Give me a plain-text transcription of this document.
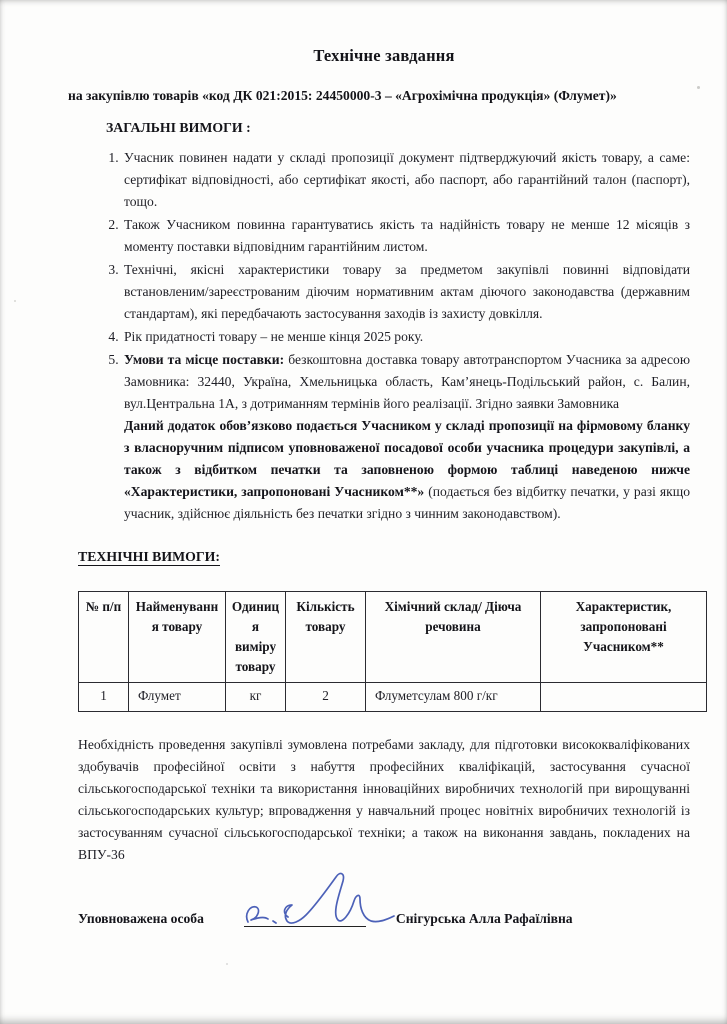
Технічне завдання

на закупівлю товарів «код ДК 021:2015: 24450000-3 – «Агрохімічна продукція» (Флумет)»

ЗАГАЛЬНІ ВИМОГИ :

1. Учасник повинен надати у складі пропозиції документ підтверджуючий якість товару, а саме: сертифікат відповідності, або сертифікат якості, або паспорт, або гарантійний талон (паспорт), тощо.
2. Також Учасником повинна гарантуватись якість та надійність товару не менше 12 місяців з моменту поставки відповідним гарантійним листом.
3. Технічні, якісні характеристики товару за предметом закупівлі повинні відповідати встановленим/зареєстрованим діючим нормативним актам діючого законодавства (державним стандартам), які передбачають застосування заходів із захисту довкілля.
4. Рік придатності товару – не менше кінця 2025 року.
5. Умови та місце поставки: безкоштовна доставка товару автотранспортом Учасника за адресою Замовника: 32440, Україна, Хмельницька область, Кам’янець-Подільський район, с. Балин, вул.Центральна 1А, з дотриманням термінів його реалізації. Згідно заявки Замовника
Даний додаток обов’язково подається Учасником у складі пропозиції на фірмовому бланку з власноручним підписом уповноваженої посадової особи учасника процедури закупівлі, а також з відбитком печатки та заповненою формою таблиці наведеною нижче «Характеристики, запропоновані Учасником**» (подається без відбитку печатки, у разі якщо учасник, здійснює діяльність без печатки згідно з чинним законодавством).

ТЕХНІЧНІ ВИМОГИ:

№ п/п	Найменування товару	Одиниця виміру товару	Кількість товару	Хімічний склад/ Діюча речовина	Характеристик, запропоновані Учасником**
1	Флумет	кг	2	Флуметсулам 800 г/кг	

Необхідність проведення закупівлі зумовлена потребами закладу, для підготовки висококваліфікованих здобувачів професійної освіти з набуття професійних кваліфікацій, застосування сучасної сільськогосподарської техніки та використання інноваційних виробничих технологій при вирощуванні сільськогосподарських культур; впровадження у навчальний процес новітніх виробничих технологій із застосуванням сучасної сільськогосподарської техніки; а також на виконання завдань, покладених на ВПУ-36

Уповноважена особа	Снігурська Алла Рафаїлівна
